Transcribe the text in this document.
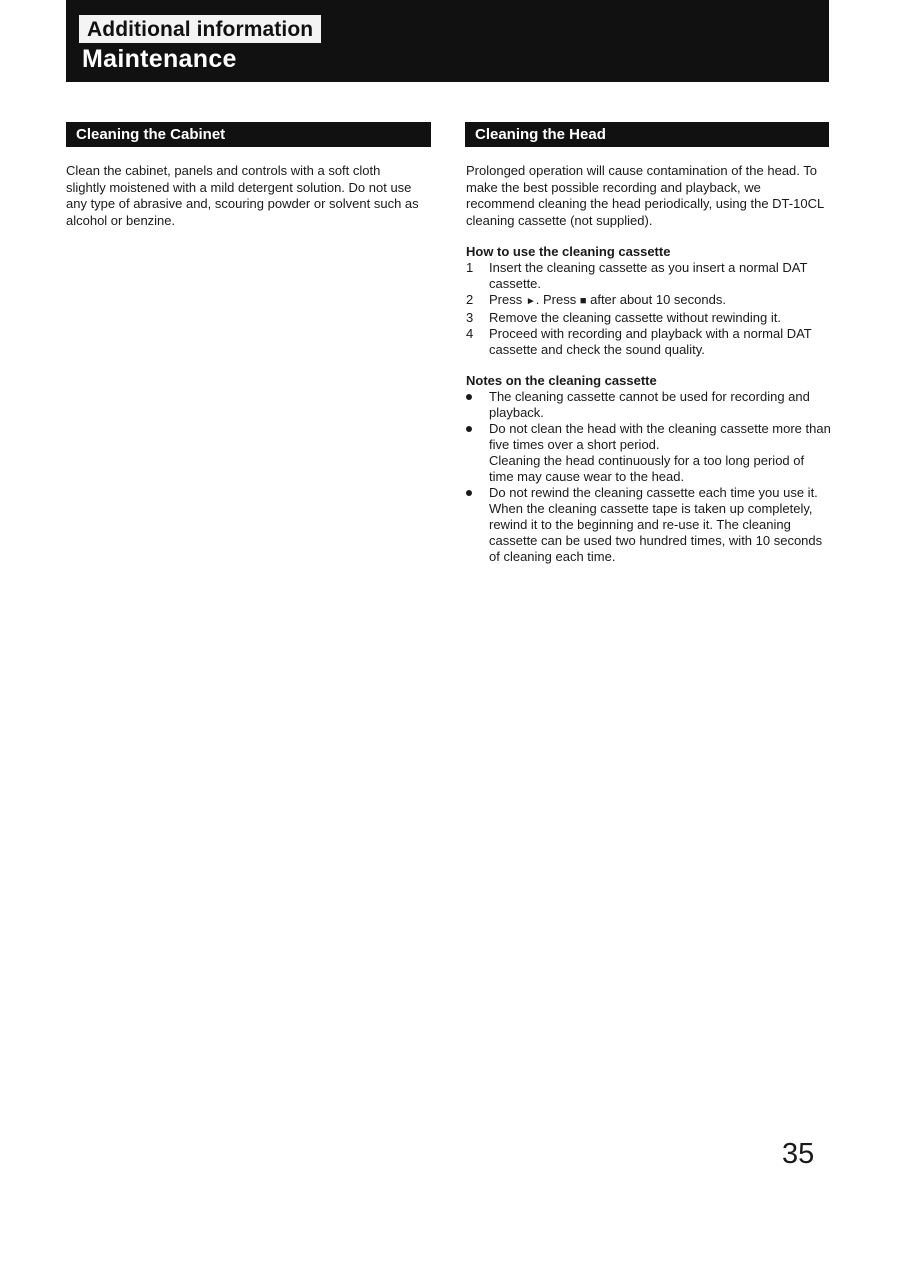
Additional information
Maintenance
Cleaning the Cabinet

Clean the cabinet, panels and controls with a soft cloth slightly moistened with a mild detergent solution. Do not use any type of abrasive and, scouring powder or solvent such as alcohol or benzine.

Cleaning the Head

Prolonged operation will cause contamination of the head. To make the best possible recording and playback, we recommend cleaning the head periodically, using the DT-10CL cleaning cassette (not supplied).

How to use the cleaning cassette
1	Insert the cleaning cassette as you insert a normal DAT cassette.
2	Press ►. Press ■ after about 10 seconds.
3	Remove the cleaning cassette without rewinding it.
4	Proceed with recording and playback with a normal DAT cassette and check the sound quality.
Notes on the cleaning cassette
The cleaning cassette cannot be used for recording and playback.
Do not clean the head with the cleaning cassette more than five times over a short period.
Cleaning the head continuously for a too long period of time may cause wear to the head.
Do not rewind the cleaning cassette each time you use it. When the cleaning cassette tape is taken up completely, rewind it to the beginning and re-use it. The cleaning cassette can be used two hundred times, with 10 seconds of cleaning each time.
35
